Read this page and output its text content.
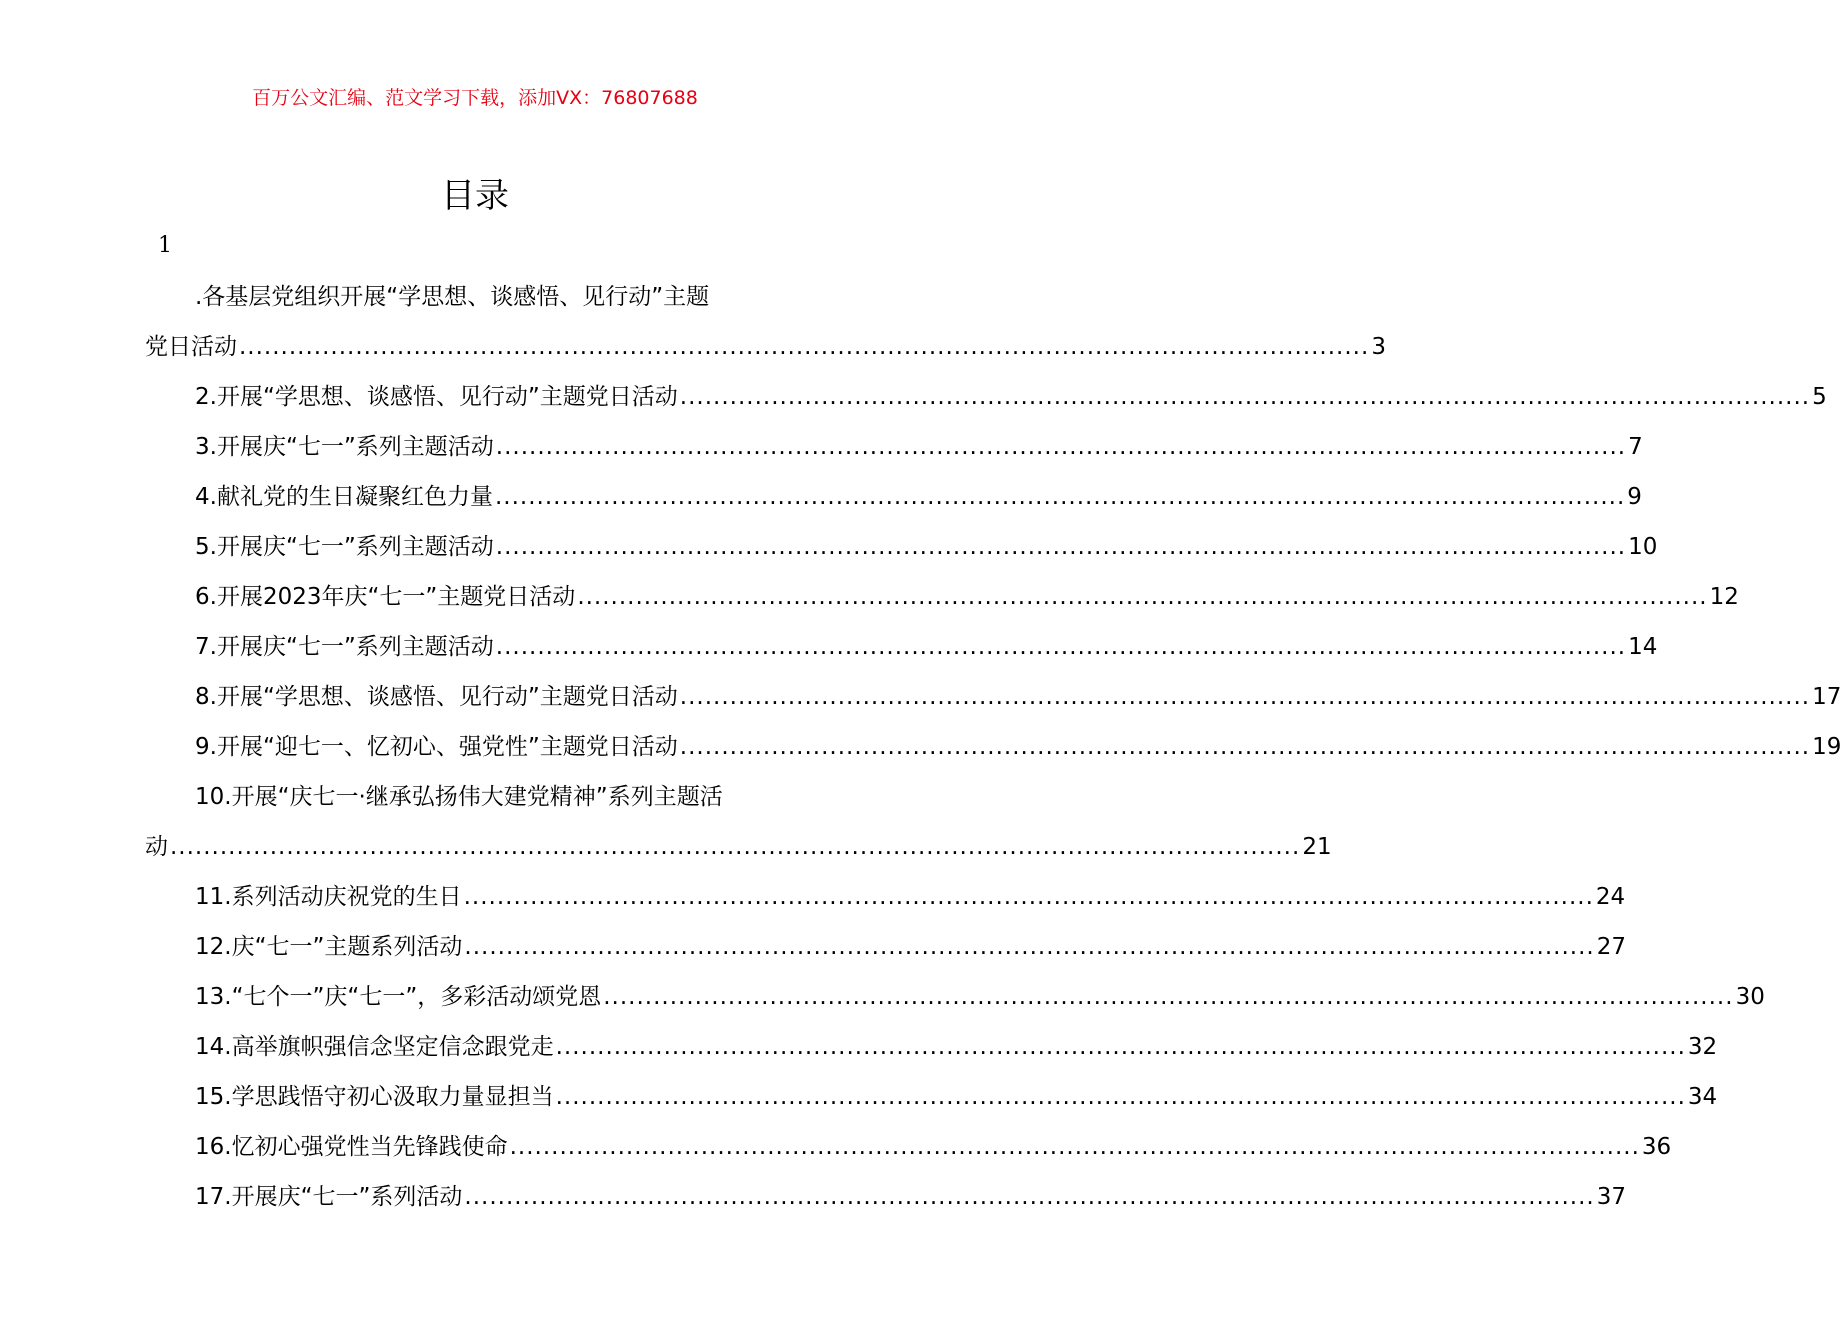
百万公文汇编、范文学习下载，添加VX：76807688
目录
1
.各基层党组织开展“学思想、谈感悟、见行动”主题
党日活动 ........................................................................................................................................ 3
2.开展“学思想、谈感悟、见行动”主题党日活动 ........................................................................................................................................ 5
3.开展庆“七一”系列主题活动 ........................................................................................................................................ 7
4.献礼党的生日凝聚红色力量 ........................................................................................................................................ 9
5.开展庆“七一”系列主题活动 ........................................................................................................................................ 10
6.开展2023年庆“七一”主题党日活动 ........................................................................................................................................ 12
7.开展庆“七一”系列主题活动 ........................................................................................................................................ 14
8.开展“学思想、谈感悟、见行动”主题党日活动 ........................................................................................................................................ 17
9.开展“迎七一、忆初心、强党性”主题党日活动 ........................................................................................................................................ 19
10.开展“庆七一·继承弘扬伟大建党精神”系列主题活
动 ........................................................................................................................................ 21
11.系列活动庆祝党的生日 ........................................................................................................................................ 24
12.庆“七一”主题系列活动 ........................................................................................................................................ 27
13.“七个一”庆“七一”，多彩活动颂党恩 ........................................................................................................................................ 30
14.高举旗帜强信念坚定信念跟党走 ........................................................................................................................................ 32
15.学思践悟守初心汲取力量显担当 ........................................................................................................................................ 34
16.忆初心强党性当先锋践使命 ........................................................................................................................................ 36
17.开展庆“七一”系列活动 ........................................................................................................................................ 37
